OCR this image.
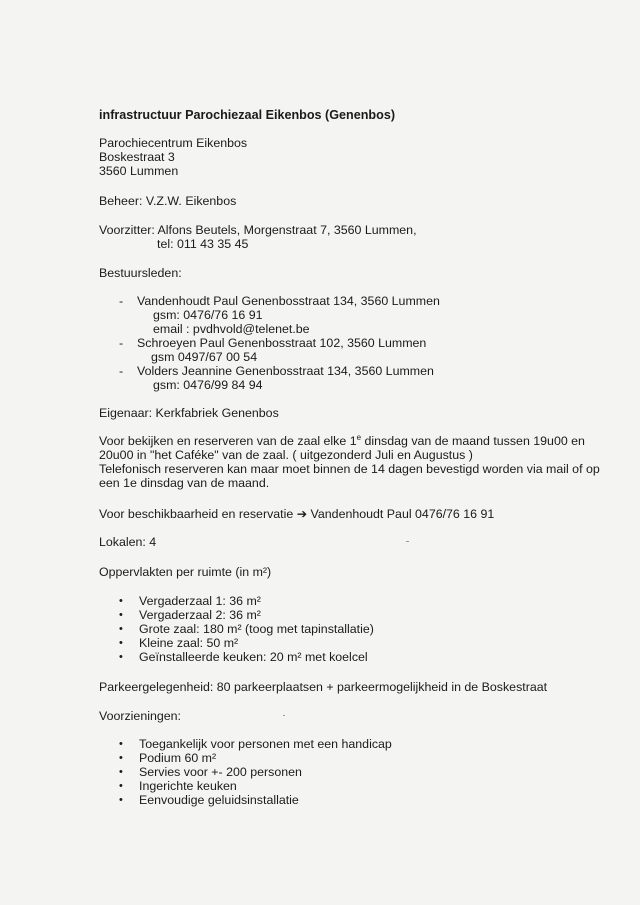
infrastructuur Parochiezaal Eikenbos (Genenbos)
Parochiecentrum Eikenbos
Boskestraat 3
3560 Lummen
Beheer: V.Z.W. Eikenbos
Voorzitter: Alfons Beutels, Morgenstraat 7, 3560 Lummen,
tel: 011 43 35 45
Bestuursleden:
- Vandenhoudt Paul Genenbosstraat 134, 3560 Lummen
gsm: 0476/76 16 91
email : pvdhvold@telenet.be
- Schroeyen Paul Genenbosstraat 102, 3560 Lummen
gsm 0497/67 00 54
- Volders Jeannine Genenbosstraat 134, 3560 Lummen
gsm: 0476/99 84 94
Eigenaar: Kerkfabriek Genenbos
Voor bekijken en reserveren van de zaal elke 1e dinsdag van de maand tussen 19u00 en
20u00 in "het Caféke" van de zaal. ( uitgezonderd Juli en Augustus )
Telefonisch reserveren kan maar moet binnen de 14 dagen bevestigd worden via mail of op
een 1e dinsdag van de maand.
Voor beschikbaarheid en reservatie ➔ Vandenhoudt Paul 0476/76 16 91
Lokalen: 4
Oppervlakten per ruimte (in m²)
• Vergaderzaal 1: 36 m²
• Vergaderzaal 2: 36 m²
• Grote zaal: 180 m² (toog met tapinstallatie)
• Kleine zaal: 50 m²
• Geïnstalleerde keuken: 20 m² met koelcel
Parkeergelegenheid: 80 parkeerplaatsen + parkeermogelijkheid in de Boskestraat
Voorzieningen:
• Toegankelijk voor personen met een handicap
• Podium 60 m²
• Servies voor +- 200 personen
• Ingerichte keuken
• Eenvoudige geluidsinstallatie
